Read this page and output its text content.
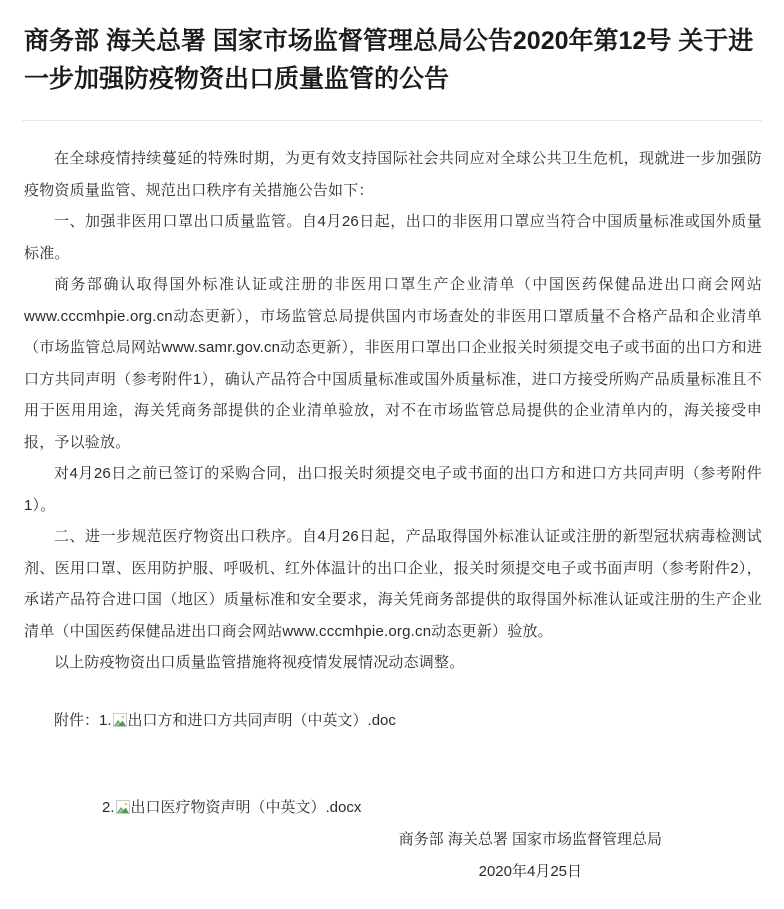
商务部 海关总署 国家市场监督管理总局公告2020年第12号 关于进一步加强防疫物资出口质量监管的公告

在全球疫情持续蔓延的特殊时期，为更有效支持国际社会共同应对全球公共卫生危机，现就进一步加强防疫物资质量监管、规范出口秩序有关措施公告如下：

一、加强非医用口罩出口质量监管。自4月26日起，出口的非医用口罩应当符合中国质量标准或国外质量标准。

商务部确认取得国外标准认证或注册的非医用口罩生产企业清单（中国医药保健品进出口商会网站www.cccmhpie.org.cn动态更新），市场监管总局提供国内市场查处的非医用口罩质量不合格产品和企业清单（市场监管总局网站www.samr.gov.cn动态更新），非医用口罩出口企业报关时须提交电子或书面的出口方和进口方共同声明（参考附件1），确认产品符合中国质量标准或国外质量标准，进口方接受所购产品质量标准且不用于医用用途，海关凭商务部提供的企业清单验放，对不在市场监管总局提供的企业清单内的，海关接受申报，予以验放。

对4月26日之前已签订的采购合同，出口报关时须提交电子或书面的出口方和进口方共同声明（参考附件1）。

二、进一步规范医疗物资出口秩序。自4月26日起，产品取得国外标准认证或注册的新型冠状病毒检测试剂、医用口罩、医用防护服、呼吸机、红外体温计的出口企业，报关时须提交电子或书面声明（参考附件2），承诺产品符合进口国（地区）质量标准和安全要求，海关凭商务部提供的取得国外标准认证或注册的生产企业清单（中国医药保健品进出口商会网站www.cccmhpie.org.cn动态更新）验放。

以上防疫物资出口质量监管措施将视疫情发展情况动态调整。

附件：1. 出口方和进口方共同声明（中英文）.doc
2. 出口医疗物资声明（中英文）.docx
商务部 海关总署 国家市场监督管理总局
2020年4月25日
